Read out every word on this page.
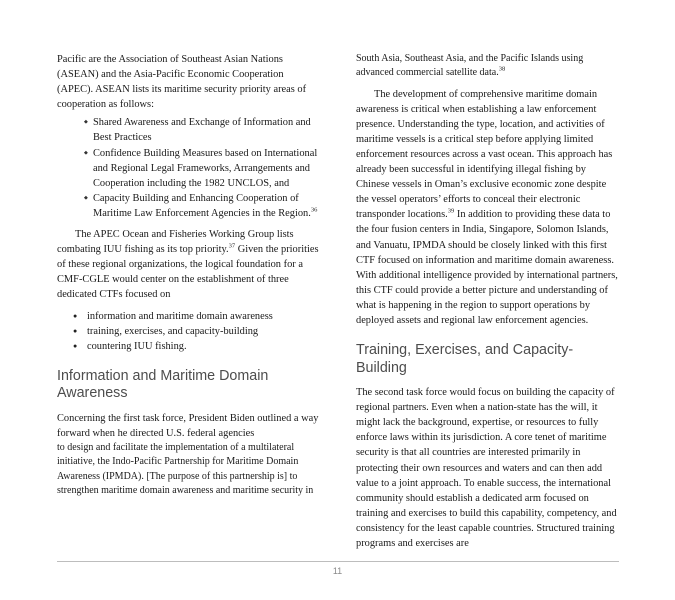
Pacific are the Association of Southeast Asian Nations (ASEAN) and the Asia-Pacific Economic Cooperation (APEC). ASEAN lists its maritime security priority areas of cooperation as follows:

◆ Shared Awareness and Exchange of Information and Best Practices
◆ Confidence Building Measures based on International and Regional Legal Frameworks, Arrangements and Cooperation including the 1982 UNCLOS, and
◆ Capacity Building and Enhancing Cooperation of Maritime Law Enforcement Agencies in the Region.$^{36}$

The APEC Ocean and Fisheries Working Group lists combating IUU fishing as its top priority.$^{37}$ Given the priorities of these regional organizations, the logical foundation for a CMF-CGLE would center on the establishment of three dedicated CTFs focused on

● information and maritime domain awareness
● training, exercises, and capacity-building
● countering IUU fishing.
Information and Maritime Domain Awareness

Concerning the first task force, President Biden outlined a way forward when he directed U.S. federal agencies

to design and facilitate the implementation of a multilateral initiative, the Indo-Pacific Partnership for Maritime Domain Awareness (IPMDA). [The purpose of this partnership is] to strengthen maritime domain awareness and maritime security in

South Asia, Southeast Asia, and the Pacific Islands using advanced commercial satellite data.$^{38}$

The development of comprehensive maritime domain awareness is critical when establishing a law enforcement presence. Understanding the type, location, and activities of maritime vessels is a critical step before applying limited enforcement resources across a vast ocean. This approach has already been successful in identifying illegal fishing by Chinese vessels in Oman’s exclusive economic zone despite the vessel operators’ efforts to conceal their electronic transponder locations.$^{39}$ In addition to providing these data to the four fusion centers in India, Singapore, Solomon Islands, and Vanuatu, IPMDA should be closely linked with this first CTF focused on information and maritime domain awareness. With additional intelligence provided by international partners, this CTF could provide a better picture and understanding of what is happening in the region to support operations by deployed assets and regional law enforcement agencies.

Training, Exercises, and Capacity-Building

The second task force would focus on building the capacity of regional partners. Even when a nation-state has the will, it might lack the background, expertise, or resources to fully enforce laws within its jurisdiction. A core tenet of maritime security is that all countries are interested primarily in protecting their own resources and waters and can then add value to a joint approach. To enable success, the international community should establish a dedicated arm focused on training and exercises to build this capability, competency, and consistency for the least capable countries. Structured training programs and exercises are

11
